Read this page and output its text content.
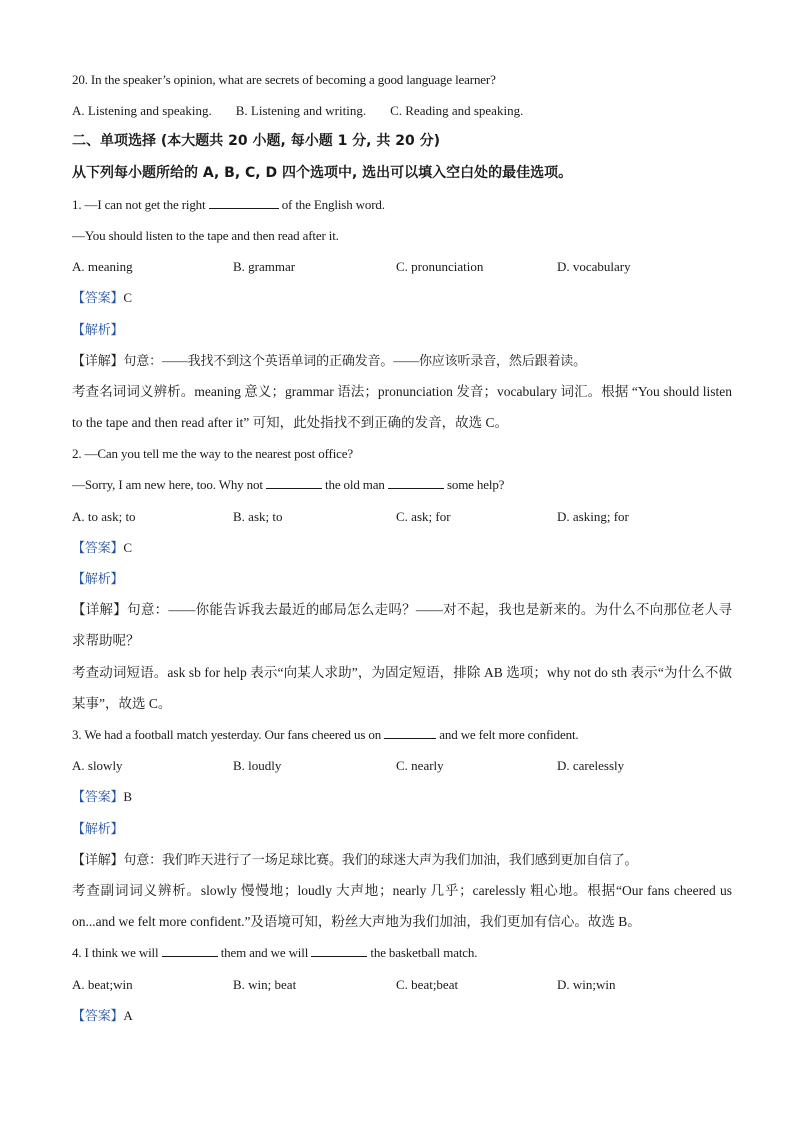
20. In the speaker’s opinion, what are secrets of becoming a good language learner?
A. Listening and speaking. B. Listening and writing. C. Reading and speaking.
二、单项选择 (本大题共 20 小题, 每小题 1 分, 共 20 分)
从下列每小题所给的 A, B, C, D 四个选项中, 选出可以填入空白处的最佳选项。
1. —I can not get the right	of the English word.
—You should listen to the tape and then read after it.
A. meaning	B. grammar	C. pronunciation	D. vocabulary
【答案】C
【解析】
【详解】句意：——我找不到这个英语单词的正确发音。——你应该听录音，然后跟着读。
考查名词词义辨析。meaning 意义；grammar 语法；pronunciation 发音；vocabulary 词汇。根据 “You should listen to the tape and then read after it” 可知，此处指找不到正确的发音，故选 C。
2. —Can you tell me the way to the nearest post office?
—Sorry, I am new here, too. Why not	the old man	some help?
A. to ask; to	B. ask; to	C. ask; for	D. asking; for
【答案】C
【解析】
【详解】句意：——你能告诉我去最近的邮局怎么走吗？——对不起，我也是新来的。为什么不向那位老人寻求帮助呢？
考查动词短语。ask sb for help 表示“向某人求助”，为固定短语，排除 AB 选项；why not do sth 表示“为什么不做某事”，故选 C。
3. We had a football match yesterday. Our fans cheered us on	and we felt more confident.
A. slowly	B. loudly	C. nearly	D. carelessly
【答案】B
【解析】
【详解】句意：我们昨天进行了一场足球比赛。我们的球迷大声为我们加油，我们感到更加自信了。
考查副词词义辨析。slowly 慢慢地；loudly 大声地；nearly 几乎；carelessly 粗心地。根据“Our fans cheered us on...and we felt more confident.”及语境可知，粉丝大声地为我们加油，我们更加有信心。故选 B。
4. I think we will	them and we will	the basketball match.
A. beat;win	B. win; beat	C. beat;beat	D. win;win
【答案】A
